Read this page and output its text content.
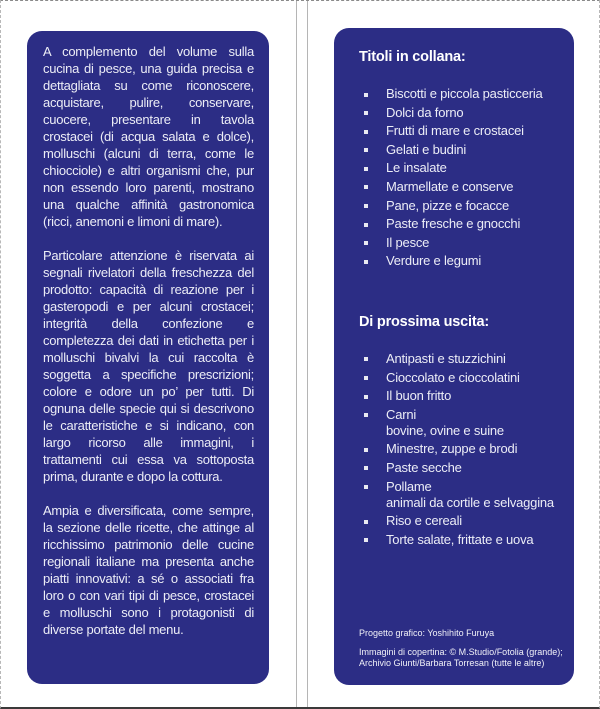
A complemento del volume sulla cucina di pesce, una guida precisa e dettagliata su come riconoscere, acquistare, pulire, conservare, cuocere, presentare in tavola crostacei (di acqua salata e dolce), molluschi (alcuni di terra, come le chiocciole) e altri organismi che, pur non essendo loro parenti, mostrano una qualche affinità gastronomica (ricci, anemoni e limoni di mare).

Particolare attenzione è riservata ai segnali rivelatori della freschezza del prodotto: capacità di reazione per i gasteropodi e per alcuni crostacei; integrità della confezione e completezza dei dati in etichetta per i molluschi bivalvi la cui raccolta è soggetta a specifiche prescrizioni; colore e odore un po’ per tutti. Di ognuna delle specie qui si descrivono le caratteristiche e si indicano, con largo ricorso alle immagini, i trattamenti cui essa va sottoposta prima, durante e dopo la cottura.

Ampia e diversificata, come sempre, la sezione delle ricette, che attinge al ricchissimo patrimonio delle cucine regionali italiane ma presenta anche piatti innovativi: a sé o associati fra loro o con vari tipi di pesce, crostacei e molluschi sono i protagonisti di diverse portate del menu.

Titoli in collana:
Biscotti e piccola pasticceria
Dolci da forno
Frutti di mare e crostacei
Gelati e budini
Le insalate
Marmellate e conserve
Pane, pizze e focacce
Paste fresche e gnocchi
Il pesce
Verdure e legumi
Di prossima uscita:
Antipasti e stuzzichini
Cioccolato e cioccolatini
Il buon fritto
Carni
bovine, ovine e suine
Minestre, zuppe e brodi
Paste secche
Pollame
animali da cortile e selvaggina
Riso e cereali
Torte salate, frittate e uova
Progetto grafico: Yoshihito Furuya
Immagini di copertina: © M.Studio/Fotolia (grande);
Archivio Giunti/Barbara Torresan (tutte le altre)
